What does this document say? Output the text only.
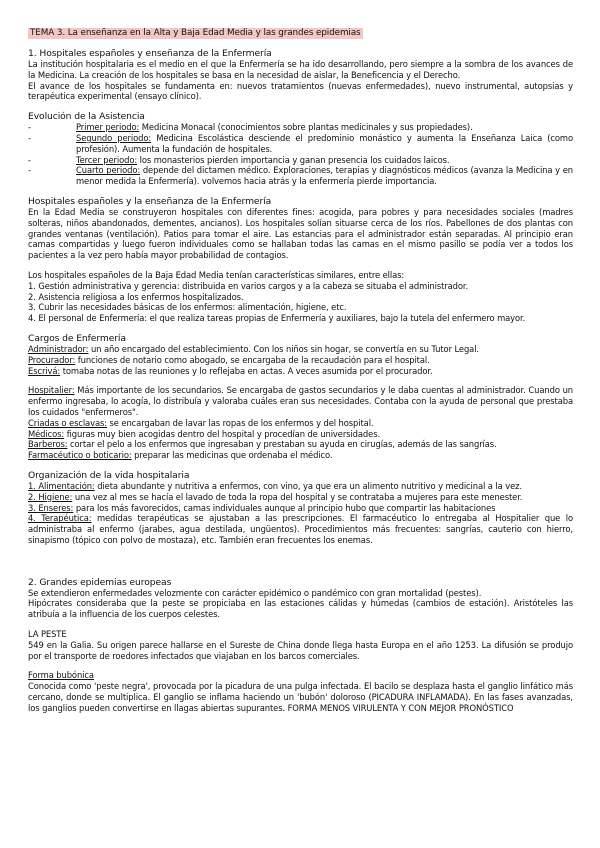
TEMA 3. La enseñanza en la Alta y Baja Edad Media y las grandes epidemias
1. Hospitales españoles y enseñanza de la Enfermería

La institución hospitalaria es el medio en el que la Enfermería se ha ido desarrollando, pero siempre a la sombra de los avances de la Medicina. La creación de los hospitales se basa en la necesidad de aislar, la Beneficencia y el Derecho.

El avance de los hospitales se fundamenta en: nuevos tratamientos (nuevas enfermedades), nuevo instrumental, autopsias y terapéutica experimental (ensayo clínico).

Evolución de la Asistencia
-	Primer periodo: Medicina Monacal (conocimientos sobre plantas medicinales y sus propiedades).
-	Segundo periodo: Medicina Escolástica desciende el predominio monástico y aumenta la Enseñanza Laica (como profesión). Aumenta la fundación de hospitales.
-	Tercer periodo: los monasterios pierden importancia y ganan presencia los cuidados laicos.
-	Cuarto periodo: depende del dictamen médico. Exploraciones, terapias y diagnósticos médicos (avanza la Medicina y en menor medida la Enfermería). volvemos hacia atrás y la enfermería pierde importancia.
Hospitales españoles y la enseñanza de la Enfermería

En la Edad Media se construyeron hospitales con diferentes fines: acogida, para pobres y para necesidades sociales (madres solteras, niños abandonados, dementes, ancianos). Los hospitales solían situarse cerca de los ríos. Pabellones de dos plantas con grandes ventanas (ventilación). Patios para tomar el aire. Las estancias para el administrador están separadas. Al principio eran camas compartidas y luego fueron individuales como se hallaban todas las camas en el mismo pasillo se podía ver a todos los pacientes a la vez pero había mayor probabilidad de contagios.

Los hospitales españoles de la Baja Edad Media tenían características similares, entre ellas:

1. Gestión administrativa y gerencia: distribuida en varios cargos y a la cabeza se situaba el administrador.
2. Asistencia religiosa a los enfermos hospitalizados.
3. Cubrir las necesidades básicas de los enfermos: alimentación, higiene, etc.
4. El personal de Enfermería: el que realiza tareas propias de Enfermería y auxiliares, bajo la tutela del enfermero mayor.
Cargos de Enfermería
Administrador: un año encargado del establecimiento. Con los niños sin hogar, se convertía en su Tutor Legal.
Procurador: funciones de notario como abogado, se encargaba de la recaudación para el hospital.
Escrivá: tomaba notas de las reuniones y lo reflejaba en actas. A veces asumida por el procurador.
Hospitalier: Más importante de los secundarios. Se encargaba de gastos secundarios y le daba cuentas al administrador. Cuando un enfermo ingresaba, lo acogía, lo distribuía y valoraba cuáles eran sus necesidades. Contaba con la ayuda de personal que prestaba los cuidados "enfermeros".
Criadas o esclavas: se encargaban de lavar las ropas de los enfermos y del hospital.
Médicos: figuras muy bien acogidas dentro del hospital y procedían de universidades.
Barberos: cortar el pelo a los enfermos que ingresaban y prestaban su ayuda en cirugías, además de las sangrías.
Farmacéutico o boticario: preparar las medicinas que ordenaba el médico.
Organización de la vida hospitalaria
1. Alimentación: dieta abundante y nutritiva a enfermos, con vino, ya que era un alimento nutritivo y medicinal a la vez.
2. Higiene: una vez al mes se hacía el lavado de toda la ropa del hospital y se contrataba a mujeres para este menester.
3. Enseres: para los más favorecidos, camas individuales aunque al principio hubo que compartir las habitaciones
4. Terapéutica: medidas terapéuticas se ajustaban a las prescripciones. El farmacéutico lo entregaba al Hospitalier que lo administraba al enfermo (jarabes, agua destilada, ungüentos). Procedimientos más frecuentes: sangrías, cauterio con hierro, sinapismo (tópico con polvo de mostaza), etc. También eran frecuentes los enemas.
2. Grandes epidemias europeas

Se extendieron enfermedades velozmente con carácter epidémico o pandémico con gran mortalidad (pestes).

Hipócrates consideraba que la peste se propiciaba en las estaciones cálidas y húmedas (cambios de estación). Aristóteles las atribuía a la influencia de los cuerpos celestes.

LA PESTE

549 en la Galia. Su origen parece hallarse en el Sureste de China donde llega hasta Europa en el año 1253. La difusión se produjo por el transporte de roedores infectados que viajaban en los barcos comerciales.

Forma bubónica

Conocida como 'peste negra', provocada por la picadura de una pulga infectada. El bacilo se desplaza hasta el ganglio linfático más cercano, donde se multiplica. El ganglio se inflama haciendo un 'bubón' doloroso (PICADURA INFLAMADA). En las fases avanzadas, los ganglios pueden convertirse en llagas abiertas supurantes. FORMA MENOS VIRULENTA Y CON MEJOR PRONÓSTICO
